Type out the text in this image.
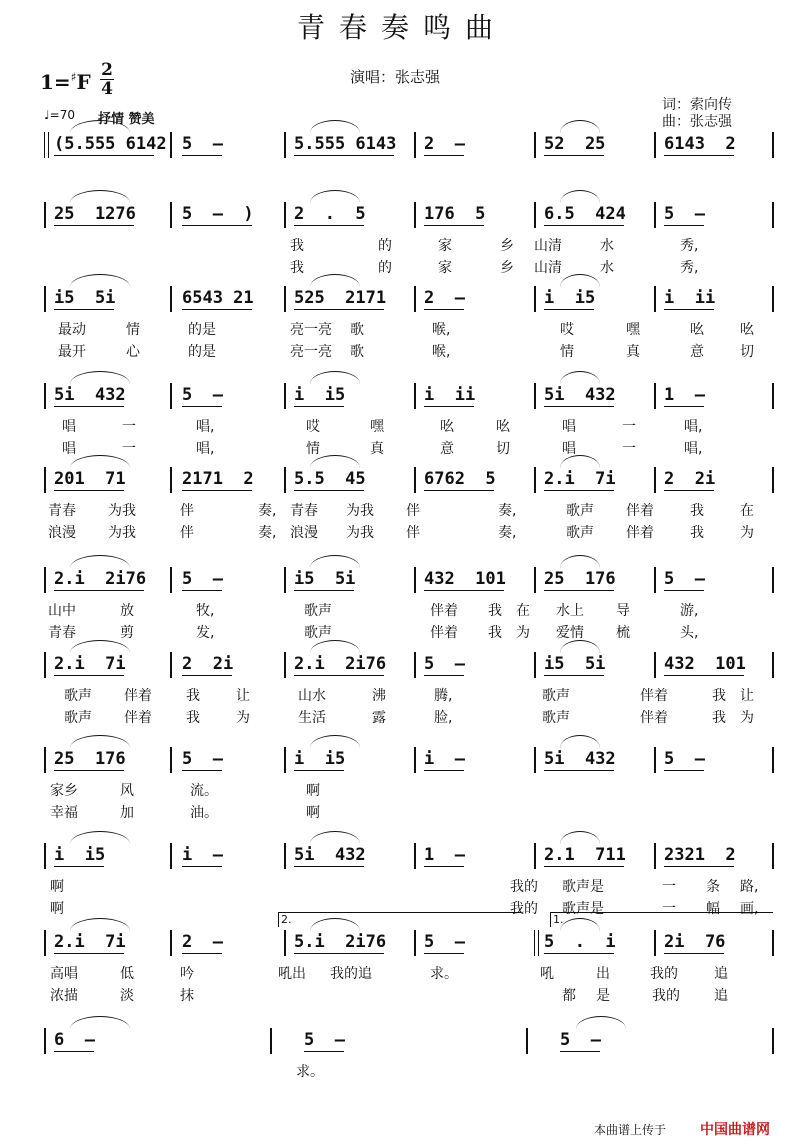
青春奏鸣曲
1=♯F 2
4
演唱：张志强
词：索向传
曲：张志强
♩=70 抒情 赞美
(5.555 6142 5  –	5.555 6143 2  –	52  25	6143  2
25  1276	5  –  ) 2  .  5	176  5	6.5  424 5  –
我	的	家	乡 山清	水	秀,
我	的	家	乡 山清	水	秀,
i5  5i	6543 21 525  2171 2  –	i  i5	i  ii
最动	情	的是	亮一亮 歌	喉,	哎	嘿	吆	吆
最开	心	的是	亮一亮 歌	喉,	情	真	意	切
5i  432	5  –	i  i5	i  ii	5i  432	1  –
唱	一	唱,	哎	嘿	吆	吆	唱	一	唱,
唱	一	唱,	情	真	意	切	唱	一	唱,
201  71	2171  2 5.5  45	6762  5	2.i  7i	2  2i
青春 为我	伴	奏, 青春 为我 伴	奏,	歌声 伴着	我	在
浪漫 为我	伴	奏, 浪漫 为我 伴	奏,	歌声 伴着	我	为
2.i  2i76 5  –	i5  5i	432  101 25  176	5  –
山中	放	牧,	歌声	伴着 我 在 水上 导	游,
青春	剪	发,	歌声	伴着 我 为 爱情 梳	头,
2.i  7i	2  2i	2.i  2i76 5  –	i5  5i	432  101
歌声 伴着 我	让	山水	沸	腾,	歌声	伴着	我 让
歌声 伴着 我	为	生活	露	脸,	歌声	伴着	我 为
25  176	5  –	i  i5	i  –	5i  432	5  –
家乡	风	流。	啊
幸福	加	油。	啊
i  i5	i  –	5i  432	1  –	2.1  711 2321  2
啊	我的 歌声是	一 条 路,
啊	我的 歌声是	一 幅 画,
2.i  7i	2  –	5.i  2i76 5  –	5  .  i	2i  76
高唱	低	吟	吼出 我的追	求。	吼	出	我的	追
浓描	淡	抹	都 是	我的 追
2.	1.
6  –	5  –	5  –
求。
本曲谱上传于 中国曲谱网
